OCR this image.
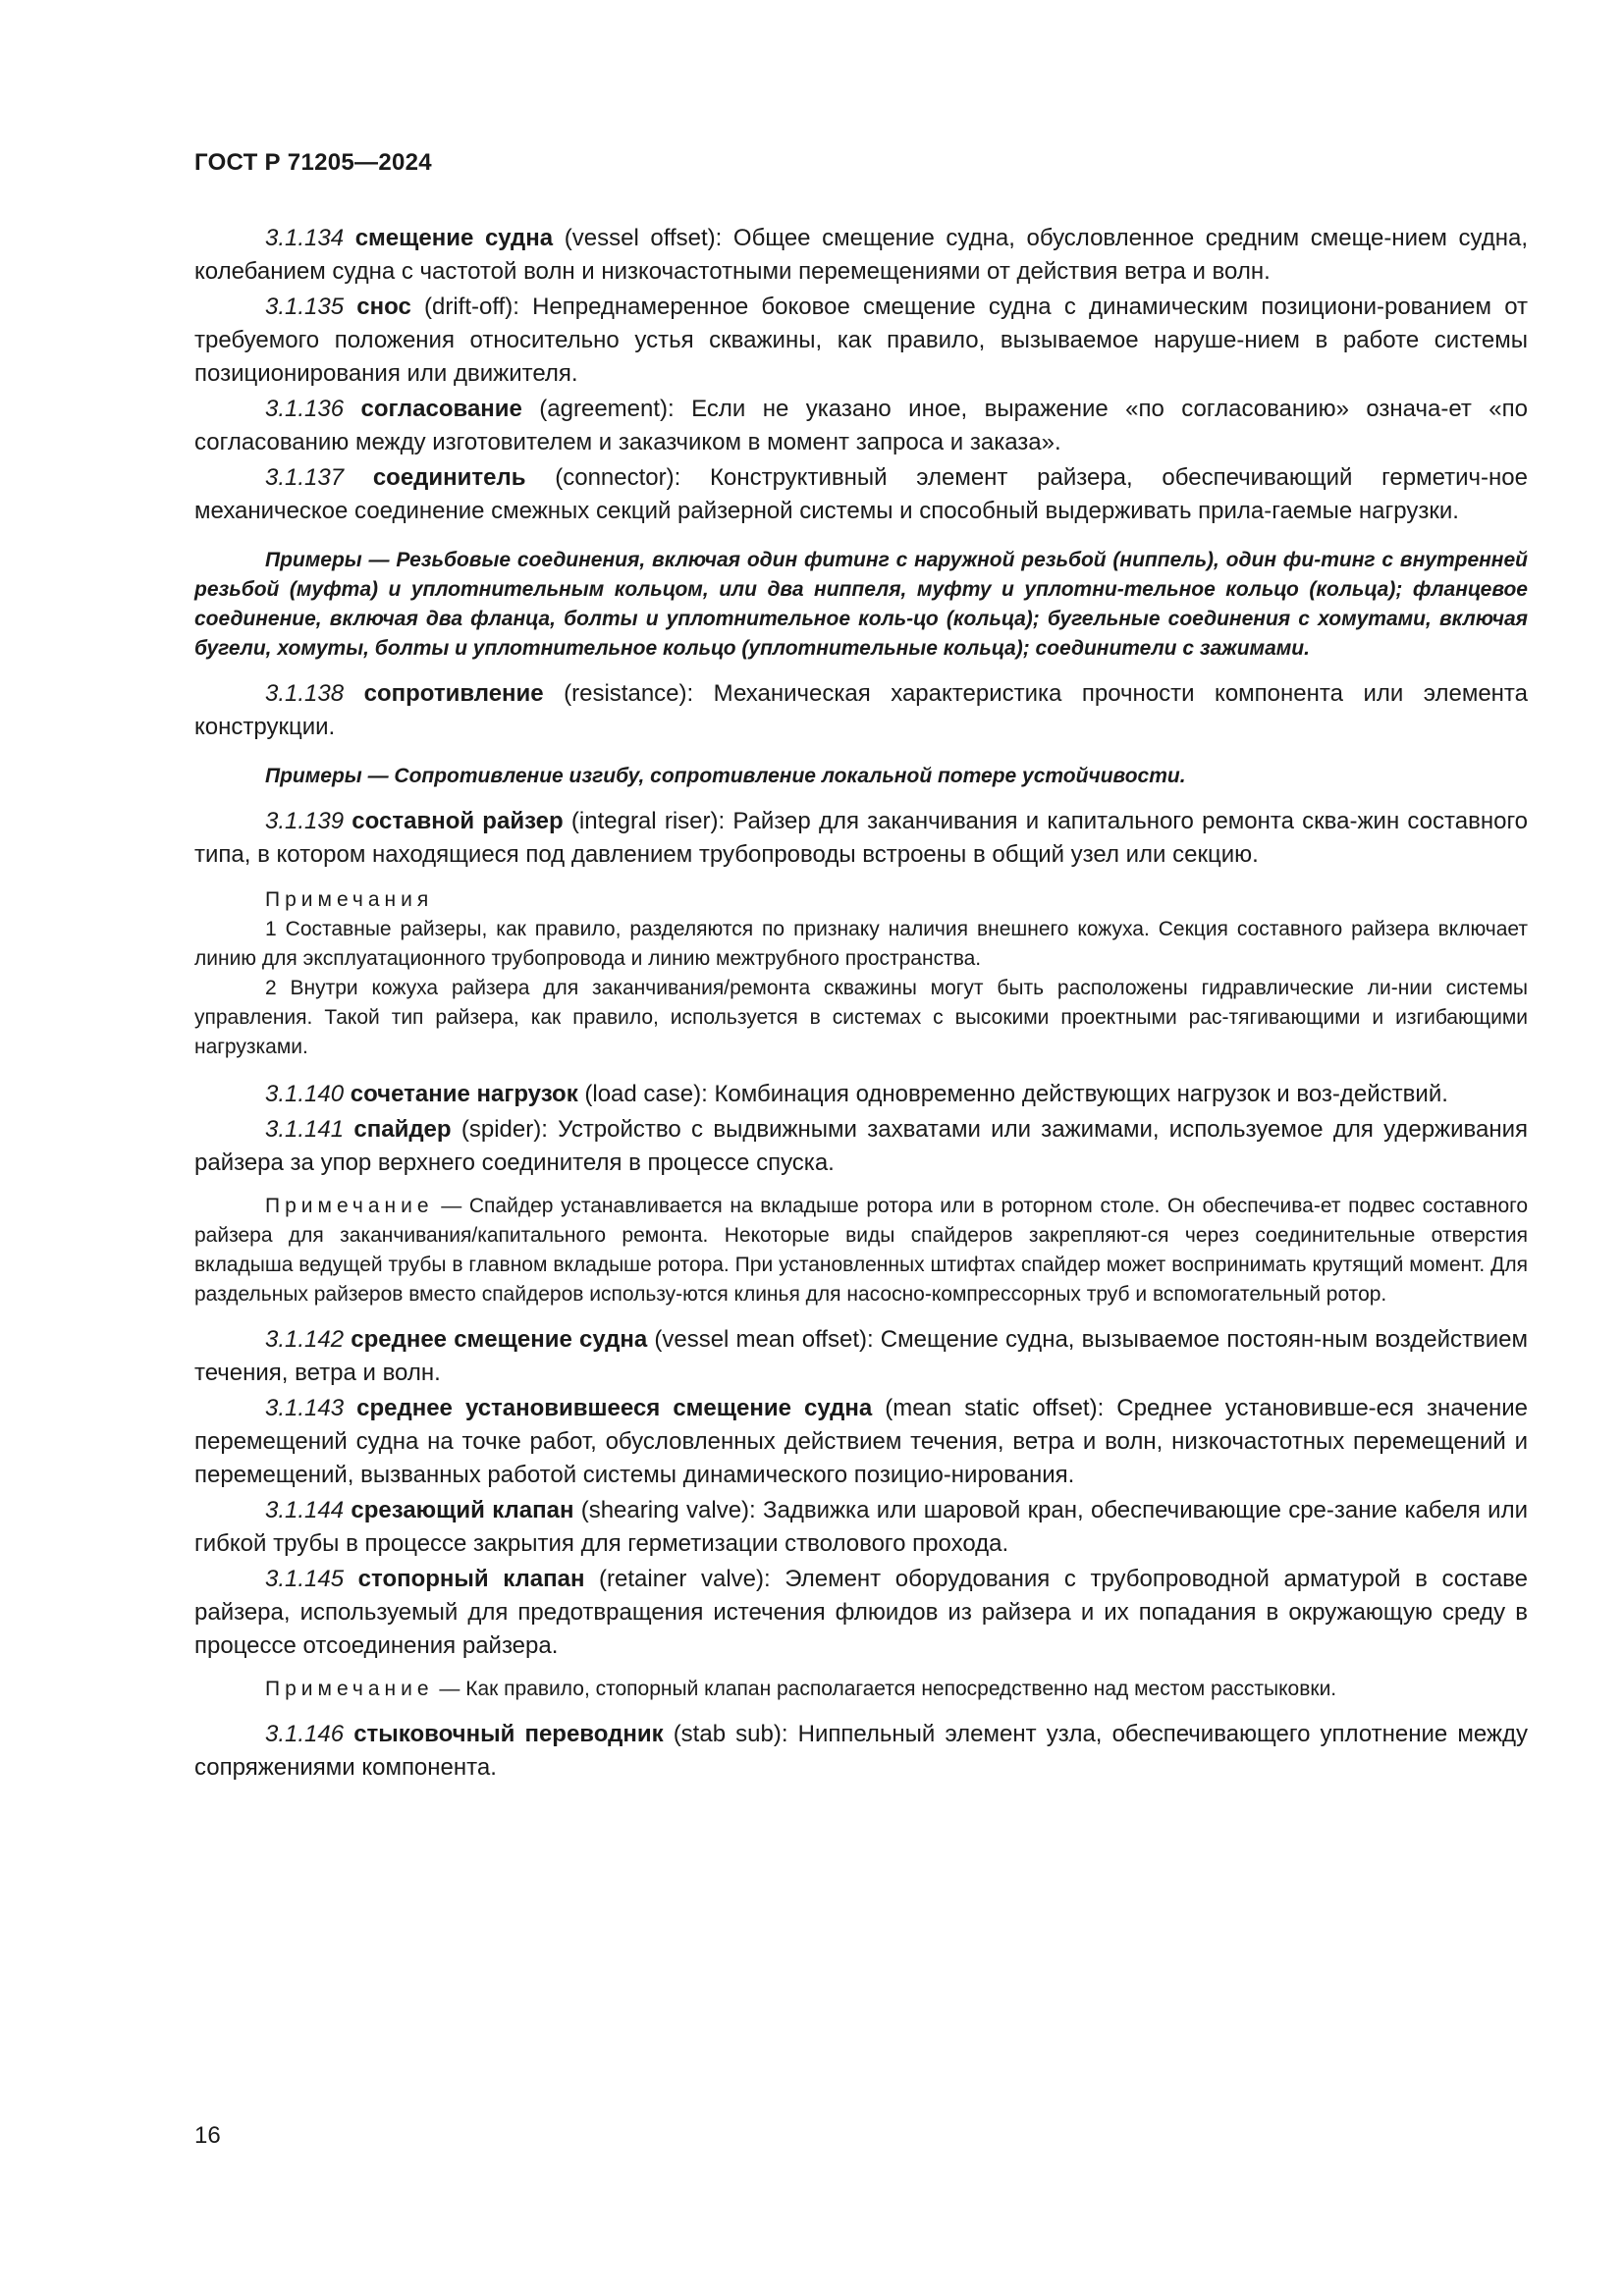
ГОСТ Р 71205—2024

3.1.134 смещение судна (vessel offset): Общее смещение судна, обусловленное средним смеще-нием судна, колебанием судна с частотой волн и низкочастотными перемещениями от действия ветра и волн.

3.1.135 снос (drift-off): Непреднамеренное боковое смещение судна с динамическим позициони-рованием от требуемого положения относительно устья скважины, как правило, вызываемое наруше-нием в работе системы позиционирования или движителя.

3.1.136 согласование (agreement): Если не указано иное, выражение «по согласованию» означа-ет «по согласованию между изготовителем и заказчиком в момент запроса и заказа».

3.1.137 соединитель (connector): Конструктивный элемент райзера, обеспечивающий герметич-ное механическое соединение смежных секций райзерной системы и способный выдерживать прила-гаемые нагрузки.

Примеры — Резьбовые соединения, включая один фитинг с наружной резьбой (ниппель), один фи-тинг с внутренней резьбой (муфта) и уплотнительным кольцом, или два ниппеля, муфту и уплотни-тельное кольцо (кольца); фланцевое соединение, включая два фланца, болты и уплотнительное коль-цо (кольца); бугельные соединения с хомутами, включая бугели, хомуты, болты и уплотнительное кольцо (уплотнительные кольца); соединители с зажимами.

3.1.138 сопротивление (resistance): Механическая характеристика прочности компонента или элемента конструкции.

Примеры — Сопротивление изгибу, сопротивление локальной потере устойчивости.

3.1.139 составной райзер (integral riser): Райзер для заканчивания и капитального ремонта сква-жин составного типа, в котором находящиеся под давлением трубопроводы встроены в общий узел или секцию.

Примечания

1 Составные райзеры, как правило, разделяются по признаку наличия внешнего кожуха. Секция составного райзера включает линию для эксплуатационного трубопровода и линию межтрубного пространства.

2 Внутри кожуха райзера для заканчивания/ремонта скважины могут быть расположены гидравлические ли-нии системы управления. Такой тип райзера, как правило, используется в системах с высокими проектными рас-тягивающими и изгибающими нагрузками.

3.1.140 сочетание нагрузок (load case): Комбинация одновременно действующих нагрузок и воз-действий.

3.1.141 спайдер (spider): Устройство с выдвижными захватами или зажимами, используемое для удерживания райзера за упор верхнего соединителя в процессе спуска.

Примечание — Спайдер устанавливается на вкладыше ротора или в роторном столе. Он обеспечива-ет подвес составного райзера для заканчивания/капитального ремонта. Некоторые виды спайдеров закрепляют-ся через соединительные отверстия вкладыша ведущей трубы в главном вкладыше ротора. При установленных штифтах спайдер может воспринимать крутящий момент. Для раздельных райзеров вместо спайдеров использу-ются клинья для насосно-компрессорных труб и вспомогательный ротор.

3.1.142 среднее смещение судна (vessel mean offset): Смещение судна, вызываемое постоян-ным воздействием течения, ветра и волн.

3.1.143 среднее установившееся смещение судна (mean static offset): Среднее установивше-еся значение перемещений судна на точке работ, обусловленных действием течения, ветра и волн, низкочастотных перемещений и перемещений, вызванных работой системы динамического позицио-нирования.

3.1.144 срезающий клапан (shearing valve): Задвижка или шаровой кран, обеспечивающие сре-зание кабеля или гибкой трубы в процессе закрытия для герметизации стволового прохода.

3.1.145 стопорный клапан (retainer valve): Элемент оборудования с трубопроводной арматурой в составе райзера, используемый для предотвращения истечения флюидов из райзера и их попадания в окружающую среду в процессе отсоединения райзера.

Примечание — Как правило, стопорный клапан располагается непосредственно над местом расстыковки.

3.1.146 стыковочный переводник (stab sub): Ниппельный элемент узла, обеспечивающего уплотнение между сопряжениями компонента.

16
